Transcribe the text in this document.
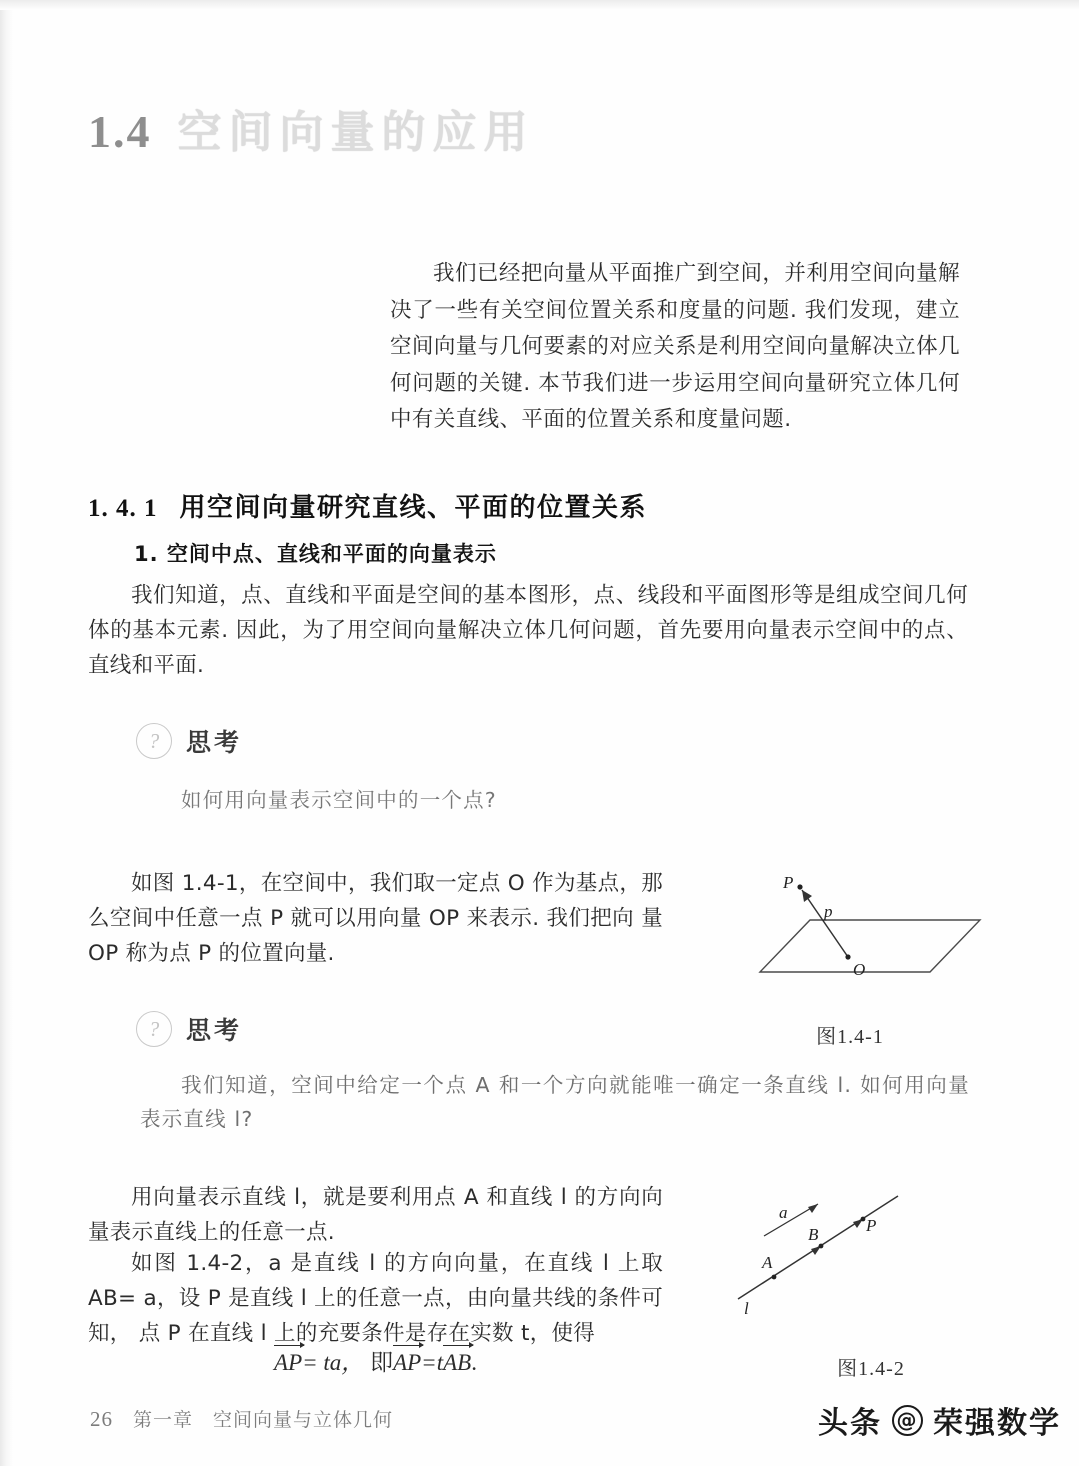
1.4 空间向量的应用
我们已经把向量从平面推广到空间，并利用空间向量解决了一些有关空间位置关系和度量的问题. 我们发现，建立空间向量与几何要素的对应关系是利用空间向量解决立体几何问题的关键. 本节我们进一步运用空间向量研究立体几何中有关直线、平面的位置关系和度量问题.
1. 4. 1 用空间向量研究直线、平面的位置关系
1. 空间中点、直线和平面的向量表示
我们知道，点、直线和平面是空间的基本图形，点、线段和平面图形等是组成空间几何体的基本元素. 因此，为了用空间向量解决立体几何问题，首先要用向量表示空间中的点、直线和平面.
?	思考
如何用向量表示空间中的一个点?
如图 1.4-1，在空间中，我们取一定点 O 作为基点，那 么空间中任意一点 P 就可以用向量 OP 来表示. 我们把向 量 OP 称为点 P 的位置向量.
P
O
p
图1.4-1
?	思考
我们知道，空间中给定一个点 A 和一个方向就能唯一确定一条直线 l. 如何用向量表示直线 l?
用向量表示直线 l，就是要利用点 A 和直线 l 的方向向量表示直线上的任意一点.
如图 1.4-2，a 是直线 l 的方向向量，在直线 l 上取 AB= a，设 P 是直线 l 上的任意一点，由向量共线的条件可知， 点 P 在直线 l 上的充要条件是存在实数 t，使得
AP= ta， 即AP=tAB.
A
B	P
a
l
图1.4-2
26 第一章 空间向量与立体几何	头条 @ 荣强数学
